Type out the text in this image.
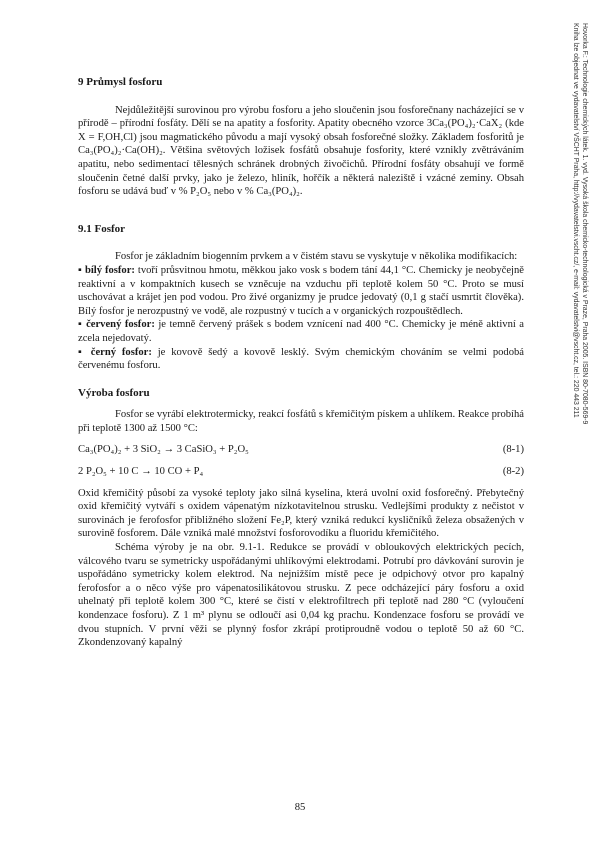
9 Průmysl fosforu

Nejdůležitější surovinou pro výrobu fosforu a jeho sloučenin jsou fosforečnany nacházející se v přírodě – přírodní fosfáty. Dělí se na apatity a fosfority. Apatity obecného vzorce 3Ca₃(PO₄)₂·CaX₂ (kde X = F,OH,Cl) jsou magmatického původu a mají vysoký obsah fosforečné složky. Základem fosforitů je Ca₃(PO₄)₂·Ca(OH)₂. Většina světových ložisek fosfátů obsahuje fosfority, které vznikly zvětráváním apatitu, nebo sedimentací tělesných schránek drobných živočichů. Přírodní fosfáty obsahují ve formě sloučenin četné další prvky, jako je železo, hliník, hořčík a některá naleziště i vzácné zeminy. Obsah fosforu se udává buď v % P₂O₅ nebo v % Ca₃(PO₄)₂.

9.1 Fosfor

Fosfor je základním biogenním prvkem a v čistém stavu se vyskytuje v několika modifikacích:

▪ bílý fosfor: tvoří průsvitnou hmotu, měkkou jako vosk s bodem tání 44,1 °C. Chemicky je neobyčejně reaktivní a v kompaktních kusech se vzněcuje na vzduchu při teplotě kolem 50 °C. Proto se musí uschovávat a krájet jen pod vodou. Pro živé organizmy je prudce jedovatý (0,1 g stačí usmrtit člověka). Bílý fosfor je nerozpustný ve vodě, ale rozpustný v tucích a v organických rozpouštědlech.

▪ červený fosfor: je temně červený prášek s bodem vznícení nad 400 °C. Chemicky je méně aktivní a zcela nejedovatý.

▪ černý fosfor: je kovově šedý a kovově lesklý. Svým chemickým chováním se velmi podobá červenému fosforu.

Výroba fosforu

Fosfor se vyrábí elektrotermicky, reakcí fosfátů s křemičitým pískem a uhlíkem. Reakce probíhá při teplotě 1300 až 1500 °C:

Ca₃(PO₄)₂ + 3 SiO₂ → 3 CaSiO₃ + P₂O₅	(8-1)
2 P₂O₅ + 10 C → 10 CO + P₄	(8-2)

Oxid křemičitý působí za vysoké teploty jako silná kyselina, která uvolní oxid fosforečný. Přebytečný oxid křemičitý vytváří s oxidem vápenatým nízkotavitelnou strusku. Vedlejšími produkty z nečistot v surovinách je ferofosfor přibližného složení Fe₂P, který vzniká redukcí kysličníků železa obsažených v surovině fosforem. Dále vzniká malé množství fosforovodíku a fluoridu křemičitého.

Schéma výroby je na obr. 9.1-1. Redukce se provádí v obloukových elektrických pecích, válcového tvaru se symetricky uspořádanými uhlíkovými elektrodami. Potrubí pro dávkování surovin je uspořádáno symetricky kolem elektrod. Na nejnižším místě pece je odpichový otvor pro kapalný ferofosfor a o něco výše pro vápenatosilikátovou strusku. Z pece odcházející páry fosforu a oxid uhelnatý při teplotě kolem 300 °C, které se čistí v elektrofiltrech při teplotě nad 280 °C (vyloučení kondenzace fosforu). Z 1 m³ plynu se odloučí asi 0,04 kg prachu. Kondenzace fosforu se provádí ve dvou stupních. V první věži se plynný fosfor zkrápí protiproudně vodou o teplotě 50 až 60 °C. Zkondenzovaný kapalný

Hovorka F.: Technologie chemických látek. 1. vyd. Vysoká škola chemicko-technologická v Praze, Praha 2005. ISBN 80-7080-569-9
Kniha lze objednat ve vydavatelství VŠCHT Praha, http://vydavatelstvi.vscht.cz/, e-mail: vydavatelstvi@vscht.cz, tel.: 220 443 211
85
